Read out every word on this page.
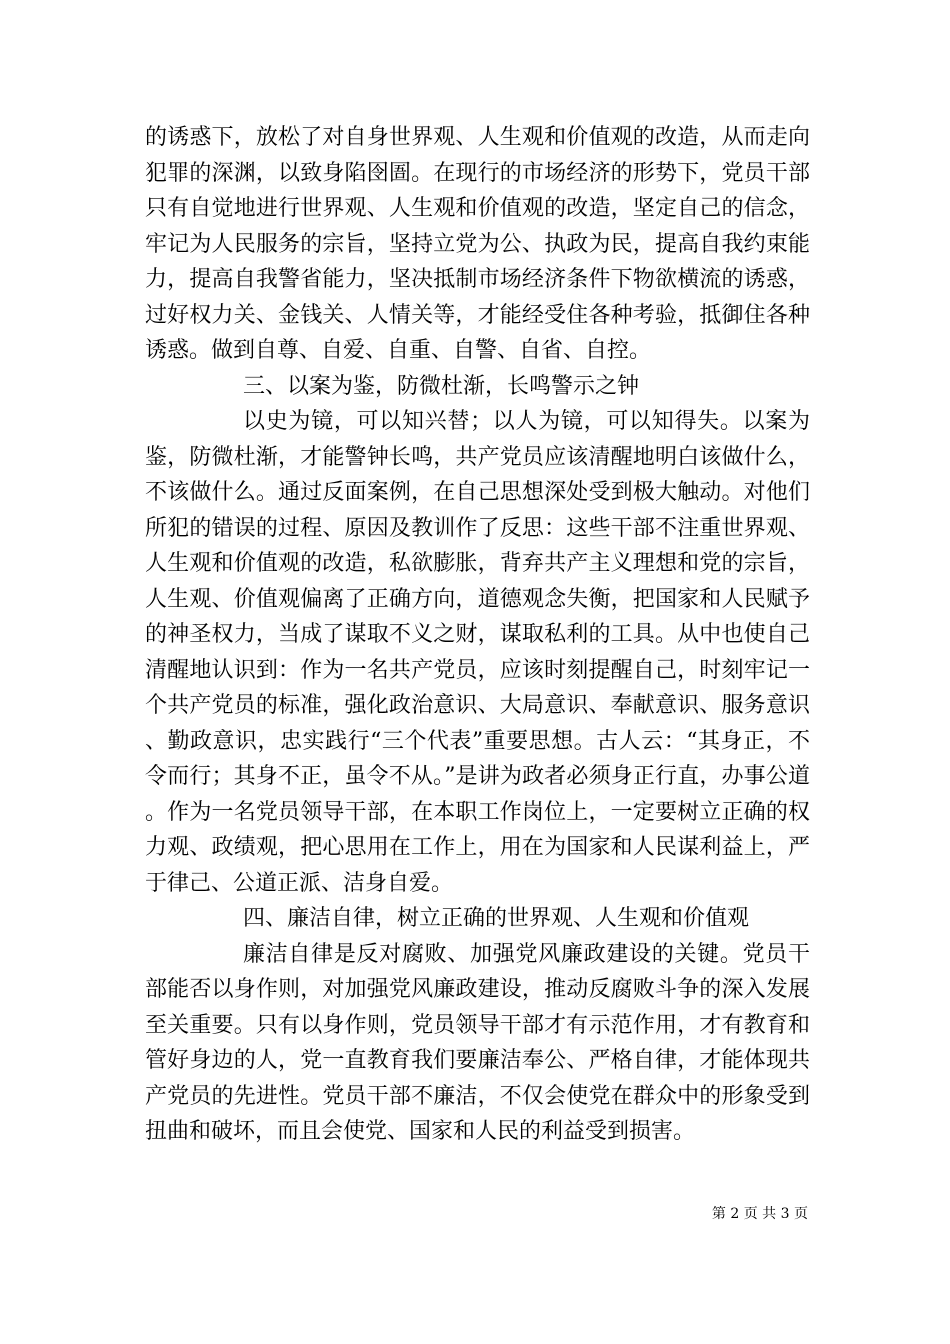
的诱惑下，放松了对自身世界观、人生观和价值观的改造，从而走向犯罪的深渊，以致身陷囹圄。在现行的市场经济的形势下，党员干部只有自觉地进行世界观、人生观和价值观的改造，坚定自己的信念，牢记为人民服务的宗旨，坚持立党为公、执政为民，提高自我约束能力，提高自我警省能力，坚决抵制市场经济条件下物欲横流的诱惑，过好权力关、金钱关、人情关等，才能经受住各种考验，抵御住各种诱惑。做到自尊、自爱、自重、自警、自省、自控。

三、以案为鉴，防微杜渐，长鸣警示之钟

以史为镜，可以知兴替；以人为镜，可以知得失。以案为鉴，防微杜渐，才能警钟长鸣，共产党员应该清醒地明白该做什么，不该做什么。通过反面案例，在自己思想深处受到极大触动。对他们所犯的错误的过程、原因及教训作了反思：这些干部不注重世界观、人生观和价值观的改造，私欲膨胀，背弃共产主义理想和党的宗旨，人生观、价值观偏离了正确方向，道德观念失衡，把国家和人民赋予的神圣权力，当成了谋取不义之财，谋取私利的工具。从中也使自己清醒地认识到：作为一名共产党员，应该时刻提醒自己，时刻牢记一个共产党员的标准，强化政治意识、大局意识、奉献意识、服务意识、勤政意识，忠实践行“三个代表”重要思想。古人云：“其身正，不令而行；其身不正，虽令不从。”是讲为政者必须身正行直，办事公道。作为一名党员领导干部，在本职工作岗位上，一定要树立正确的权力观、政绩观，把心思用在工作上，用在为国家和人民谋利益上，严于律己、公道正派、洁身自爱。

四、廉洁自律，树立正确的世界观、人生观和价值观

廉洁自律是反对腐败、加强党风廉政建设的关键。党员干部能否以身作则，对加强党风廉政建设，推动反腐败斗争的深入发展至关重要。只有以身作则，党员领导干部才有示范作用，才有教育和管好身边的人，党一直教育我们要廉洁奉公、严格自律，才能体现共产党员的先进性。党员干部不廉洁，不仅会使党在群众中的形象受到扭曲和破坏，而且会使党、国家和人民的利益受到损害。

第 2 页 共 3 页
